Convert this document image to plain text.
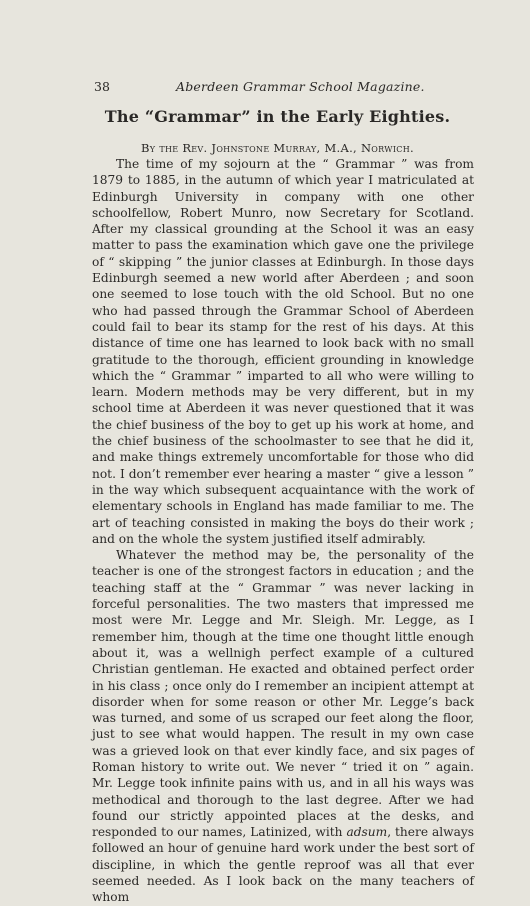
38	Aberdeen Grammar School Magazine.
The “Grammar” in the Early Eighties.
By the Rev. Johnstone Murray, M.A., Norwich.

The time of my sojourn at the “ Grammar ” was from 1879 to 1885, in the autumn of which year I matriculated at Edinburgh University in company with one other schoolfellow, Robert Munro, now Secretary for Scotland. After my classical grounding at the School it was an easy matter to pass the examination which gave one the privilege of “ skipping ” the junior classes at Edinburgh. In those days Edinburgh seemed a new world after Aberdeen ; and soon one seemed to lose touch with the old School. But no one who had passed through the Grammar School of Aberdeen could fail to bear its stamp for the rest of his days. At this distance of time one has learned to look back with no small gratitude to the thorough, efficient grounding in knowledge which the “ Grammar ” imparted to all who were willing to learn. Modern methods may be very different, but in my school time at Aberdeen it was never questioned that it was the chief business of the boy to get up his work at home, and the chief business of the schoolmaster to see that he did it, and make things extremely uncomfortable for those who did not. I don’t remember ever hearing a master “ give a lesson ” in the way which subsequent acquaintance with the work of elementary schools in England has made familiar to me. The art of teaching consisted in making the boys do their work ; and on the whole the system justified itself admirably.

Whatever the method may be, the personality of the teacher is one of the strongest factors in education ; and the teaching staff at the “ Grammar ” was never lacking in forceful personalities. The two masters that impressed me most were Mr. Legge and Mr. Sleigh. Mr. Legge, as I remember him, though at the time one thought little enough about it, was a wellnigh perfect example of a cultured Christian gentleman. He exacted and obtained perfect order in his class ; once only do I remember an incipient attempt at disorder when for some reason or other Mr. Legge’s back was turned, and some of us scraped our feet along the floor, just to see what would happen. The result in my own case was a grieved look on that ever kindly face, and six pages of Roman history to write out. We never “ tried it on ” again. Mr. Legge took infinite pains with us, and in all his ways was methodical and thorough to the last degree. After we had found our strictly appointed places at the desks, and responded to our names, Latinized, with adsum, there always followed an hour of genuine hard work under the best sort of discipline, in which the gentle reproof was all that ever seemed needed. As I look back on the many teachers of whom
